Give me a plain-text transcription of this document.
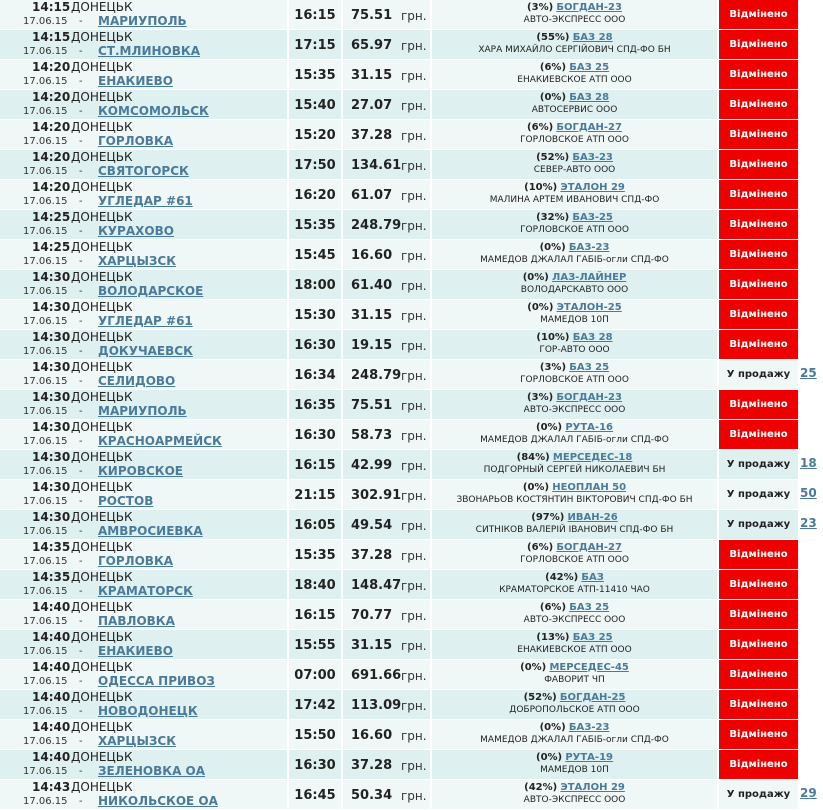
14:15 ДОНЕЦЬК
17.06.15 - МАРИУПОЛЬ	16:15	75.51 грн.
(3%) БОГДАН-23
АВТО-ЭКСПРЕСС ООО	Відмінено
14:15 ДОНЕЦЬК
17.06.15 - СТ.МЛИНОВКА	17:15	65.97 грн.
(55%) БАЗ 28
ХАРА МИХАЙЛО СЕРГІЙОВИЧ СПД-ФО БН	Відмінено
14:20 ДОНЕЦЬК
17.06.15 - ЕНАКИЕВО	15:35	31.15 грн.
(6%) БАЗ 25
ЕНАКИЕВСКОЕ АТП ООО	Відмінено
14:20 ДОНЕЦЬК
17.06.15 - КОМСОМОЛЬСК	15:40	27.07 грн.
(0%) БАЗ 28
АВТОСЕРВИС ООО	Відмінено
14:20 ДОНЕЦЬК
17.06.15 - ГОРЛОВКА	15:20	37.28 грн.
(6%) БОГДАН-27
ГОРЛОВСКОЕ АТП ООО	Відмінено
14:20 ДОНЕЦЬК
17.06.15 - СВЯТОГОРСК	17:50	134.61 грн.
(52%) БАЗ-23
СЕВЕР-АВТО ООО	Відмінено
14:20 ДОНЕЦЬК
17.06.15 - УГЛЕДАР #61	16:20	61.07 грн.
(10%) ЭТАЛОН 29
МАЛИНА АРТЕМ ИВАНОВИЧ СПД-ФО	Відмінено
14:25 ДОНЕЦЬК
17.06.15 - КУРАХОВО	15:35	248.79 грн.
(32%) БАЗ-25
ГОРЛОВСКОЕ АТП ООО	Відмінено
14:25 ДОНЕЦЬК
17.06.15 - ХАРЦЫЗСК	15:45	16.60 грн.
(0%) БАЗ-23
МАМЕДОВ ДЖАЛАЛ ГАБІБ-огли СПД-ФО	Відмінено
14:30 ДОНЕЦЬК
17.06.15 - ВОЛОДАРСКОЕ	18:00	61.40 грн.
(0%) ЛАЗ-ЛАЙНЕР
ВОЛОДАРСКАВТО ООО	Відмінено
14:30 ДОНЕЦЬК
17.06.15 - УГЛЕДАР #61	15:30	31.15 грн.
(0%) ЭТАЛОН-25
МАМЕДОВ 10П	Відмінено
14:30 ДОНЕЦЬК
17.06.15 - ДОКУЧАЕВСК	16:30	19.15 грн.
(10%) БАЗ 28
ГОР-АВТО ООО	Відмінено
14:30 ДОНЕЦЬК
17.06.15 - СЕЛИДОВО	16:34	248.79 грн.
(3%) БАЗ 25
ГОРЛОВСКОЕ АТП ООО	У продажу 25
14:30 ДОНЕЦЬК
17.06.15 - МАРИУПОЛЬ	16:35	75.51 грн.
(3%) БОГДАН-23
АВТО-ЭКСПРЕСС ООО	Відмінено
14:30 ДОНЕЦЬК
17.06.15 - КРАСНОАРМЕЙСК	16:30	58.73 грн.
(0%) РУТА-16
МАМЕДОВ ДЖАЛАЛ ГАБІБ-огли СПД-ФО	Відмінено
14:30 ДОНЕЦЬК
17.06.15 - КИРОВСКОЕ	16:15	42.99 грн.
(84%) МЕРСЕДЕС-18
ПОДГОРНЫЙ СЕРГЕЙ НИКОЛАЕВИЧ БН	У продажу 18
14:30 ДОНЕЦЬК
17.06.15 - РОСТОВ	21:15	302.91 грн.
(0%) НЕОПЛАН 50
ЗВОНАРЬОВ КОСТЯНТИН ВІКТОРОВИЧ СПД-ФО БН	У продажу 50
14:30 ДОНЕЦЬК
17.06.15 - АМВРОСИЕВКА	16:05	49.54 грн.
(97%) ИВАН-26
СИТНІКОВ ВАЛЕРІЙ ІВАНОВИЧ СПД-ФО БН	У продажу 23
14:35 ДОНЕЦЬК
17.06.15 - ГОРЛОВКА	15:35	37.28 грн.
(6%) БОГДАН-27
ГОРЛОВСКОЕ АТП ООО	Відмінено
14:35 ДОНЕЦЬК
17.06.15 - КРАМАТОРСК	18:40	148.47 грн.
(42%) БАЗ
КРАМАТОРСКОЕ АТП-11410 ЧАО	Відмінено
14:40 ДОНЕЦЬК
17.06.15 - ПАВЛОВКА	16:15	70.77 грн.
(6%) БАЗ 25
АВТО-ЭКСПРЕСС ООО	Відмінено
14:40 ДОНЕЦЬК
17.06.15 - ЕНАКИЕВО	15:55	31.15 грн.
(13%) БАЗ 25
ЕНАКИЕВСКОЕ АТП ООО	Відмінено
14:40 ДОНЕЦЬК
17.06.15 - ОДЕССА ПРИВОЗ	07:00	691.66 грн.
(0%) МЕРСЕДЕС-45
ФАВОРИТ ЧП	Відмінено
14:40 ДОНЕЦЬК
17.06.15 - НОВОДОНЕЦК	17:42	113.09 грн.
(52%) БОГДАН-25
ДОБРОПОЛЬСКОЕ АТП ООО	Відмінено
14:40 ДОНЕЦЬК
17.06.15 - ХАРЦЫЗСК	15:50	16.60 грн.
(0%) БАЗ-23
МАМЕДОВ ДЖАЛАЛ ГАБІБ-огли СПД-ФО	Відмінено
14:40 ДОНЕЦЬК
17.06.15 - ЗЕЛЕНОВКА ОА	16:30	37.28 грн.
(0%) РУТА-19
МАМЕДОВ 10П	Відмінено
14:43 ДОНЕЦЬК
17.06.15 - НИКОЛЬСКОЕ ОА	16:45	50.34 грн.
(42%) ЭТАЛОН 29
АВТО-ЭКСПРЕСС ООО	У продажу 29
